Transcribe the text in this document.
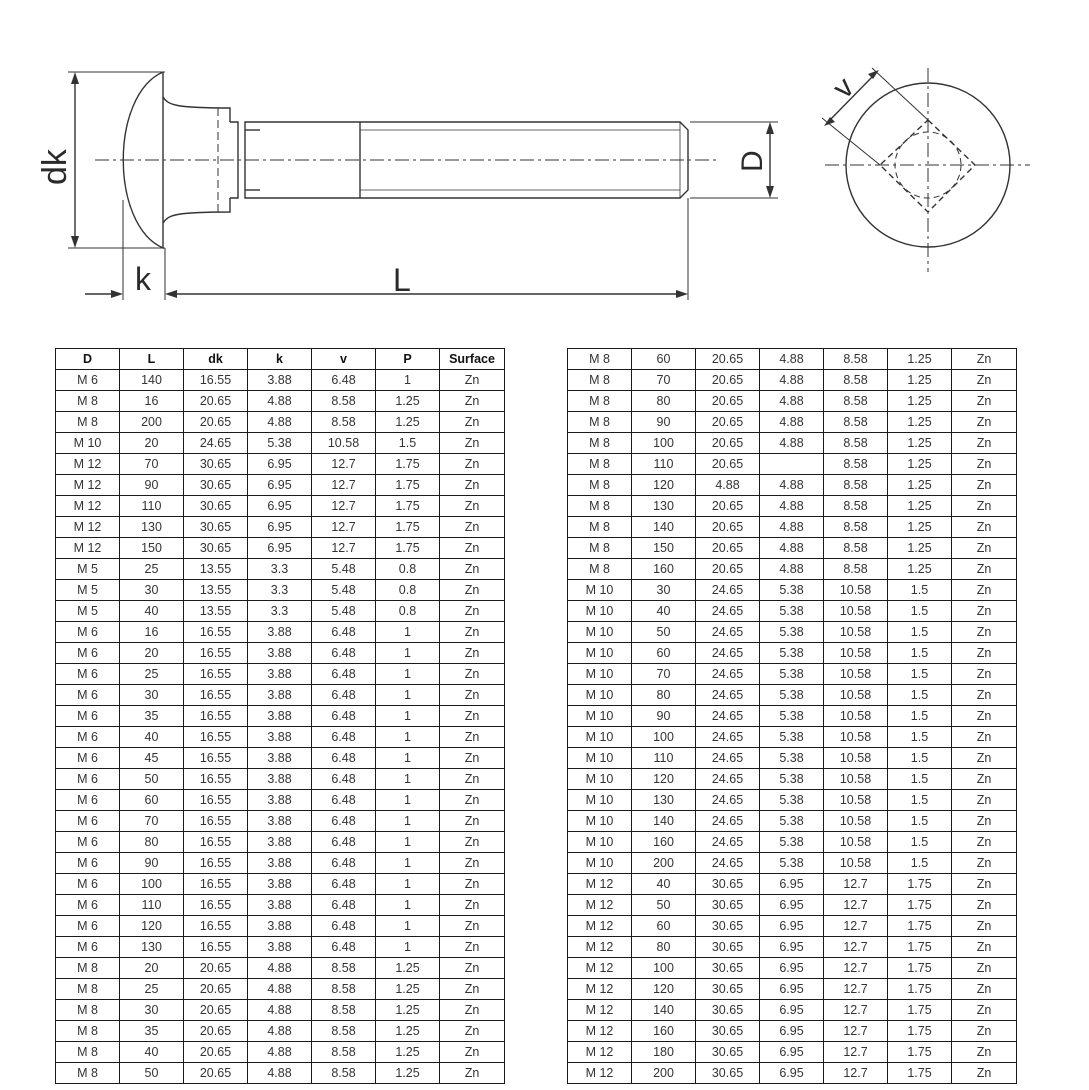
dk
k	L
D
v
D	L	dk	k	v	P	Surface
M 6	140	16.55	3.88	6.48	1	Zn
M 8	16	20.65	4.88	8.58	1.25	Zn
M 8	200	20.65	4.88	8.58	1.25	Zn
M 10	20	24.65	5.38	10.58	1.5	Zn
M 12	70	30.65	6.95	12.7	1.75	Zn
M 12	90	30.65	6.95	12.7	1.75	Zn
M 12	110	30.65	6.95	12.7	1.75	Zn
M 12	130	30.65	6.95	12.7	1.75	Zn
M 12	150	30.65	6.95	12.7	1.75	Zn
M 5	25	13.55	3.3	5.48	0.8	Zn
M 5	30	13.55	3.3	5.48	0.8	Zn
M 5	40	13.55	3.3	5.48	0.8	Zn
M 6	16	16.55	3.88	6.48	1	Zn
M 6	20	16.55	3.88	6.48	1	Zn
M 6	25	16.55	3.88	6.48	1	Zn
M 6	30	16.55	3.88	6.48	1	Zn
M 6	35	16.55	3.88	6.48	1	Zn
M 6	40	16.55	3.88	6.48	1	Zn
M 6	45	16.55	3.88	6.48	1	Zn
M 6	50	16.55	3.88	6.48	1	Zn
M 6	60	16.55	3.88	6.48	1	Zn
M 6	70	16.55	3.88	6.48	1	Zn
M 6	80	16.55	3.88	6.48	1	Zn
M 6	90	16.55	3.88	6.48	1	Zn
M 6	100	16.55	3.88	6.48	1	Zn
M 6	110	16.55	3.88	6.48	1	Zn
M 6	120	16.55	3.88	6.48	1	Zn
M 6	130	16.55	3.88	6.48	1	Zn
M 8	20	20.65	4.88	8.58	1.25	Zn
M 8	25	20.65	4.88	8.58	1.25	Zn
M 8	30	20.65	4.88	8.58	1.25	Zn
M 8	35	20.65	4.88	8.58	1.25	Zn
M 8	40	20.65	4.88	8.58	1.25	Zn
M 8	50	20.65	4.88	8.58	1.25	Zn
M 8	60	20.65	4.88	8.58	1.25	Zn
M 8	70	20.65	4.88	8.58	1.25	Zn
M 8	80	20.65	4.88	8.58	1.25	Zn
M 8	90	20.65	4.88	8.58	1.25	Zn
M 8	100	20.65	4.88	8.58	1.25	Zn
M 8	110	20.65		8.58	1.25	Zn
M 8	120	4.88	4.88	8.58	1.25	Zn
M 8	130	20.65	4.88	8.58	1.25	Zn
M 8	140	20.65	4.88	8.58	1.25	Zn
M 8	150	20.65	4.88	8.58	1.25	Zn
M 8	160	20.65	4.88	8.58	1.25	Zn
M 10	30	24.65	5.38	10.58	1.5	Zn
M 10	40	24.65	5.38	10.58	1.5	Zn
M 10	50	24.65	5.38	10.58	1.5	Zn
M 10	60	24.65	5.38	10.58	1.5	Zn
M 10	70	24.65	5.38	10.58	1.5	Zn
M 10	80	24.65	5.38	10.58	1.5	Zn
M 10	90	24.65	5.38	10.58	1.5	Zn
M 10	100	24.65	5.38	10.58	1.5	Zn
M 10	110	24.65	5.38	10.58	1.5	Zn
M 10	120	24.65	5.38	10.58	1.5	Zn
M 10	130	24.65	5.38	10.58	1.5	Zn
M 10	140	24.65	5.38	10.58	1.5	Zn
M 10	160	24.65	5.38	10.58	1.5	Zn
M 10	200	24.65	5.38	10.58	1.5	Zn
M 12	40	30.65	6.95	12.7	1.75	Zn
M 12	50	30.65	6.95	12.7	1.75	Zn
M 12	60	30.65	6.95	12.7	1.75	Zn
M 12	80	30.65	6.95	12.7	1.75	Zn
M 12	100	30.65	6.95	12.7	1.75	Zn
M 12	120	30.65	6.95	12.7	1.75	Zn
M 12	140	30.65	6.95	12.7	1.75	Zn
M 12	160	30.65	6.95	12.7	1.75	Zn
M 12	180	30.65	6.95	12.7	1.75	Zn
M 12	200	30.65	6.95	12.7	1.75	Zn
